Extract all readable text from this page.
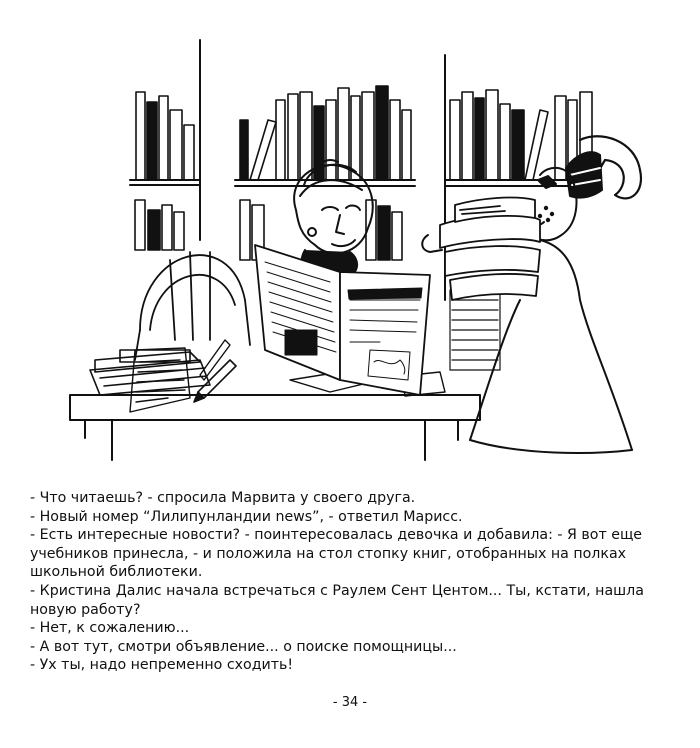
- Что читаешь? - спросила Марвита у своего друга.

- Новый номер “Лилипунландии news”, - ответил Марисс.

- Есть интересные новости? - поинтересовалась девочка и добавила: - Я вот еще учебников принесла, - и положила на стол стопку книг, отобранных на полках школьной библиотеки.

- Кристина Далис начала встречаться с Раулем Сент Центом... Ты, кстати, нашла новую работу?

- Нет, к сожалению...

- А вот тут, смотри объявление... о поиске помощницы...

- Ух ты, надо непременно сходить!

- 34 -
